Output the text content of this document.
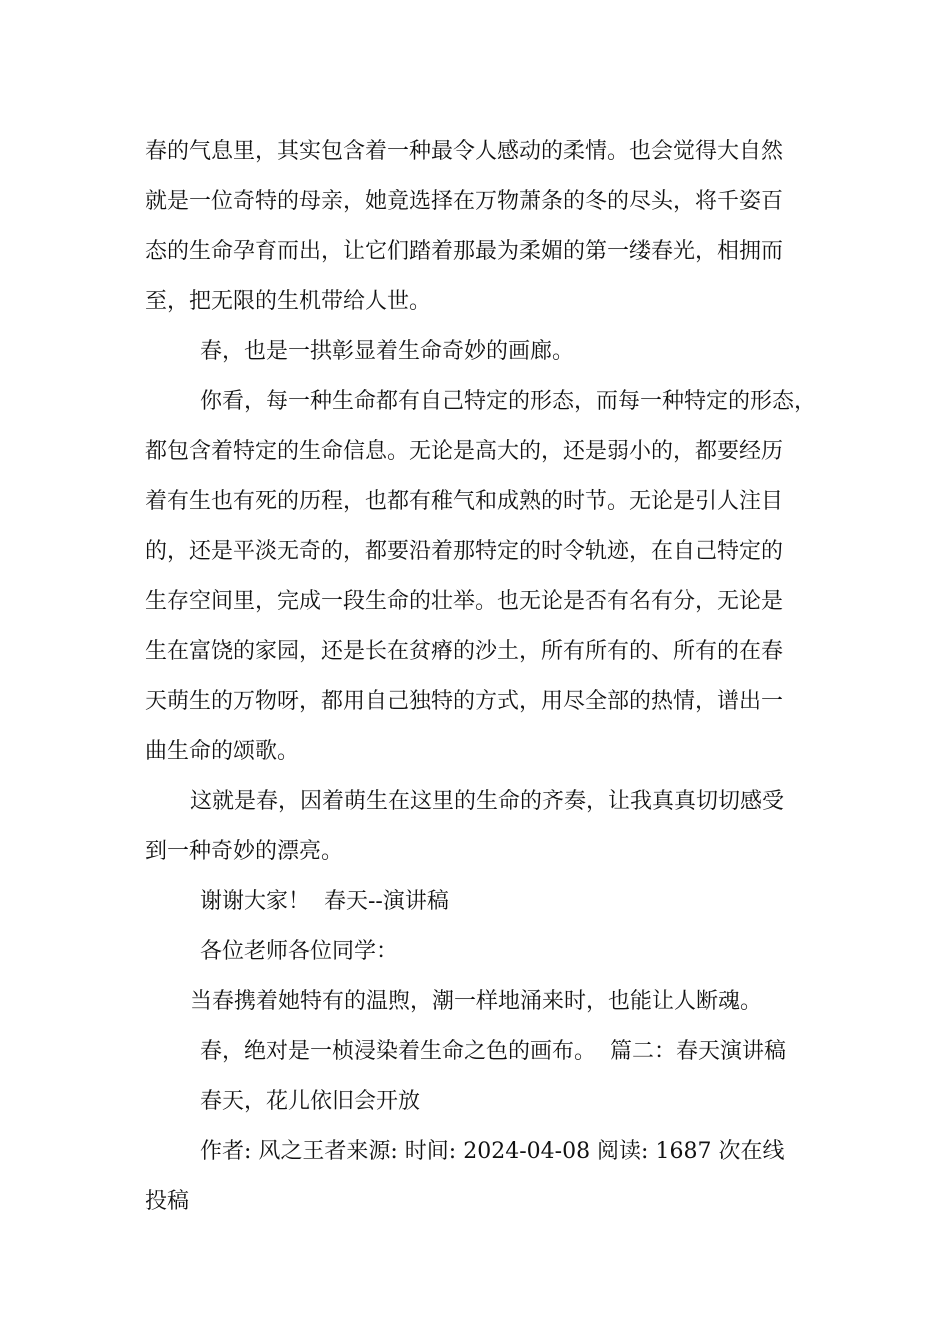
春的气息里，其实包含着一种最令人感动的柔情。也会觉得大自然
就是一位奇特的母亲，她竟选择在万物萧条的冬的尽头，将千姿百
态的生命孕育而出，让它们踏着那最为柔媚的第一缕春光，相拥而
至，把无限的生机带给人世。
春，也是一拱彰显着生命奇妙的画廊。
你看，每一种生命都有自己特定的形态，而每一种特定的形态，
都包含着特定的生命信息。无论是高大的，还是弱小的，都要经历
着有生也有死的历程，也都有稚气和成熟的时节。无论是引人注目
的，还是平淡无奇的，都要沿着那特定的时令轨迹，在自己特定的
生存空间里，完成一段生命的壮举。也无论是否有名有分，无论是
生在富饶的家园，还是长在贫瘠的沙土，所有所有的、所有的在春
天萌生的万物呀，都用自己独特的方式，用尽全部的热情，谱出一
曲生命的颂歌。
这就是春，因着萌生在这里的生命的齐奏，让我真真切切感受
到一种奇妙的漂亮。
谢谢大家！  春天--演讲稿
各位老师各位同学：
当春携着她特有的温煦，潮一样地涌来时，也能让人断魂。
春，绝对是一桢浸染着生命之色的画布。  篇二：春天演讲稿
春天，花儿依旧会开放
作者: 风之王者来源: 时间: 2024-04-08 阅读: 1687 次在线
投稿
